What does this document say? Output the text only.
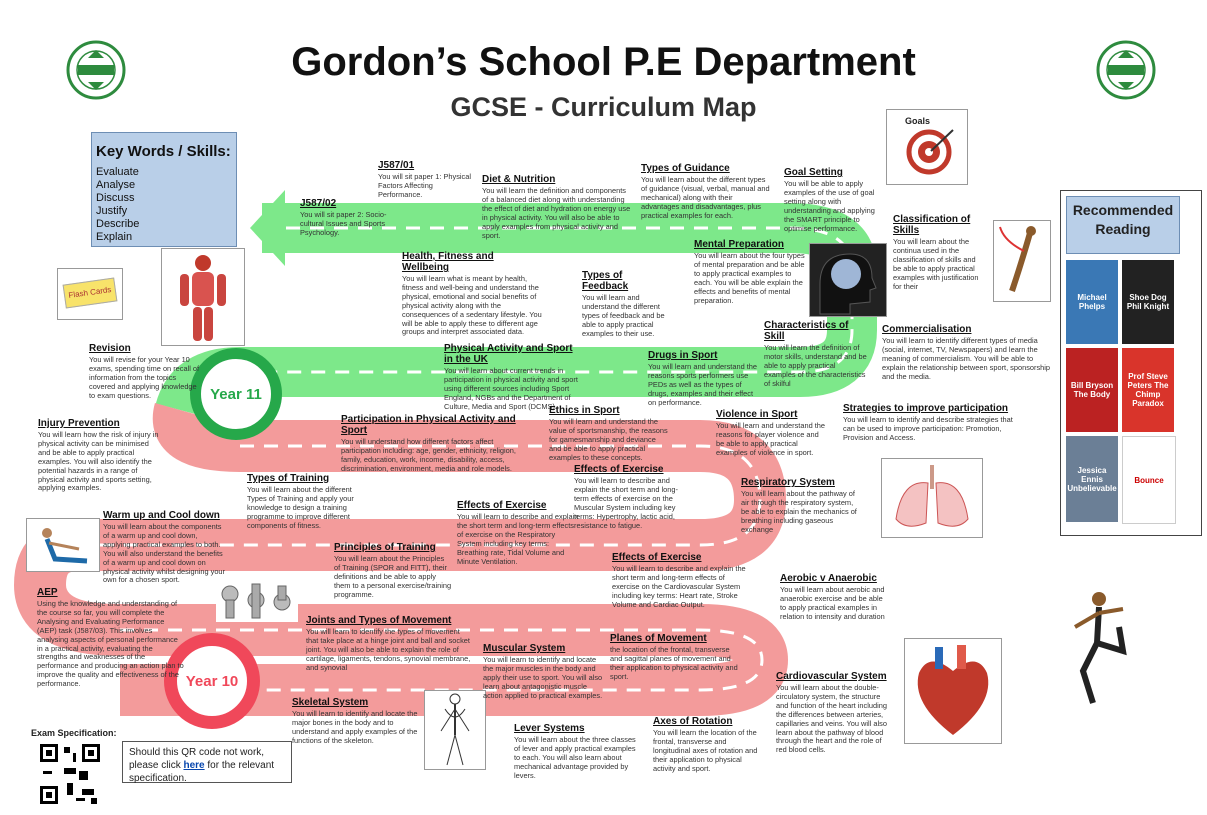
Gordon’s School P.E Department
GCSE - Curriculum Map
Key Words / Skills:
Evaluate
Analyse
Discuss
Justify
Describe
Explain
Flash Cards
Goals
Recommended Reading
Michael Phelps
Shoe Dog Phil Knight
Bill Bryson The Body
Prof Steve Peters The Chimp Paradox
Jessica Ennis Unbelievable
Bounce
Year 11
Year 10
J587/01
You will sit paper 1: Physical Factors Affecting Performance.
J587/02
You will sit paper 2: Socio-cultural Issues and Sports Psychology.
Diet & Nutrition
You will learn the definition and components of a balanced diet along with understanding the effect of diet and hydration on energy use in physical activity. You will also be able to apply examples from physical activity and sport.
Types of Guidance
You will learn about the different types of guidance (visual, verbal, manual and mechanical) along with their advantages and disadvantages, plus practical examples for each.
Goal Setting
You will be able to apply examples of the use of goal setting along with understanding and applying the SMART principle to optimise performance.
Classification of Skills
You will learn about the continua used in the classification of skills and be able to apply practical examples with justification for their
Health, Fitness and Wellbeing
You will learn what is meant by health, fitness and well-being and understand the physical, emotional and social benefits of physical activity along with the consequences of a sedentary lifestyle. You will be able to apply these to different age groups and interpret associated data.
Types of Feedback
You will learn and understand the different types of feedback and be able to apply practical examples to their use.
Mental Preparation
You will learn about the four types of mental preparation and be able to apply practical examples to each. You will be able explain the effects and benefits of mental preparation.
Characteristics of Skill
You will learn the definition of motor skills, understand and be able to apply practical examples of the characteristics of skilful
Commercialisation
You will learn to identify different types of media (social, internet, TV, Newspapers) and learn the meaning of commercialism. You will be able to explain the relationship between sport, sponsorship and the media.
Revision
You will revise for your Year 10 exams, spending time on recall of information from the topics covered and applying knowledge to exam questions.
Physical Activity and Sport in the UK
You will learn about current trends in participation in physical activity and sport using different sources including Sport England, NGBs and the Department of Culture, Media and Sport (DCMS).
Drugs in Sport
You will learn and understand the reasons sports performers use PEDs as well as the types of drugs, examples and their effect on performance.
Strategies to improve participation
You will learn to identify and describe strategies that can be used to improve participation: Promotion, Provision and Access.
Injury Prevention
You will learn how the risk of injury in physical activity can be minimised and be able to apply practical examples. You will also identify the potential hazards in a range of physical activity and sports setting, applying examples.
Participation in Physical Activity and Sport
You will understand how different factors affect participation including: age, gender, ethnicity, religion, family, education, work, income, disability, access, discrimination, environment, media and role models.
Ethics in Sport
You will learn and understand the value of sportsmanship, the reasons for gamesmanship and deviance and be able to apply practical examples to these concepts.
Violence in Sport
You will learn and understand the reasons for player violence and be able to apply practical examples of violence in sport.
Types of Training
You will learn about the different Types of Training and apply your knowledge to design a training programme to improve different components of fitness.
Effects of Exercise
You will learn to describe and explain the short term and long-term effects of exercise on the Muscular System including key terms: Hypertrophy, lactic acid, resistance to fatigue.
Respiratory System
You will learn about the pathway of air through the respiratory system, be able to explain the mechanics of breathing including gaseous exchange
Warm up and Cool down
You will learn about the components of a warm up and cool down, applying practical examples to both. You will also understand the benefits of a warm up and cool down on physical activity whilst designing your own for a chosen sport.
Effects of Exercise
You will learn to describe and explain the short term and long-term effects of exercise on the Respiratory System including key terms: Breathing rate, Tidal Volume and Minute Ventilation.
Principles of Training
You will learn about the Principles of Training (SPOR and FITT), their definitions and be able to apply them to a personal exercise/training programme.
Effects of Exercise
You will learn to describe and explain the short term and long-term effects of exercise on the Cardiovascular System including key terms: Heart rate, Stroke Volume and Cardiac Output.
Aerobic v Anaerobic
You will learn about aerobic and anaerobic exercise and be able to apply practical examples in relation to intensity and duration
AEP
Using the knowledge and understanding of the course so far, you will complete the Analysing and Evaluating Performance (AEP) task (J587/03). This involves analysing aspects of personal performance in a practical activity, evaluating the strengths and weaknesses of the performance and producing an action plan to improve the quality and effectiveness of the performance.
Joints and Types of Movement
You will learn to identify the types of movement that take place at a hinge joint and ball and socket joint. You will also be able to explain the role of cartilage, ligaments, tendons, synovial membrane, and synovial
Muscular System
You will learn to identify and locate the major muscles in the body and apply their use to sport. You will also learn about antagonistic muscle action applied to practical examples.
Planes of Movement
the location of the frontal, transverse and sagittal planes of movement and their application to physical activity and sport.	Cardiovascular System
You will learn about the double-circulatory system, the structure and function of the heart including the differences between arteries, capillaries and veins. You will also learn about the pathway of blood through the heart and the role of red blood cells.
Skeletal System
You will learn to identify and locate the major bones in the body and to understand and apply examples of the functions of the skeleton.
Lever Systems
You will learn about the three classes of lever and apply practical examples to each. You will also learn about mechanical advantage provided by levers.
Axes of Rotation
You will learn the location of the frontal, transverse and longitudinal axes of rotation and their application to physical activity and sport.
Exam Specification:
Should this QR code not work, please click here for the relevant specification.
